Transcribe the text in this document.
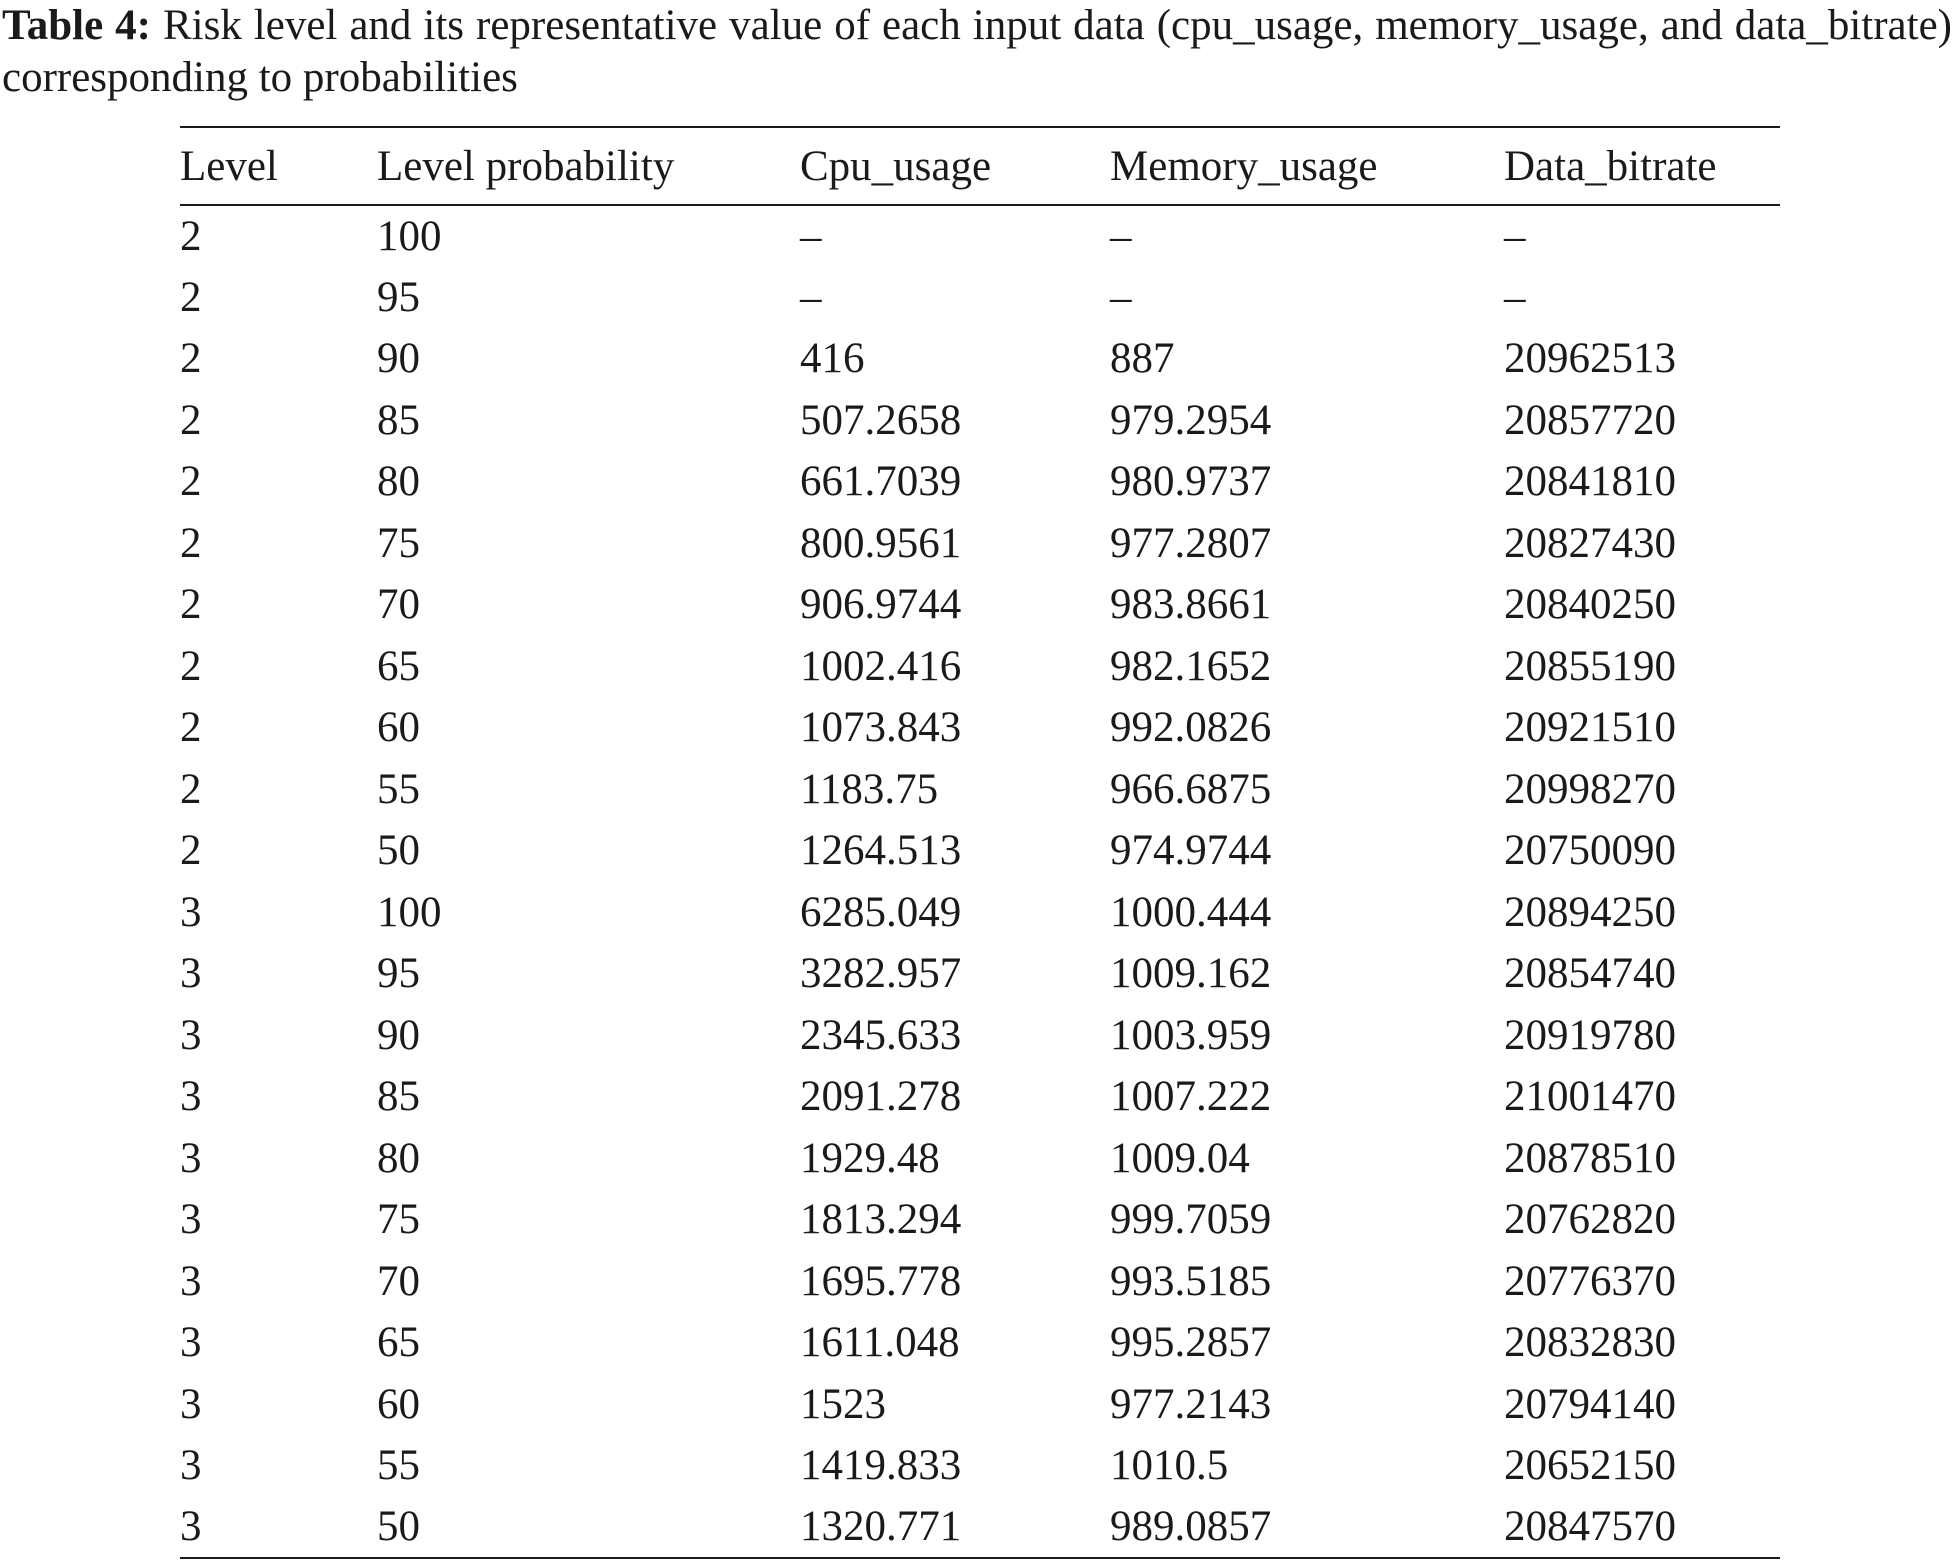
Table 4: Risk level and its representative value of each input data (cpu_usage, memory_usage, and data_bitrate) corresponding to probabilities
Level	Level probability	Cpu_usage	Memory_usage	Data_bitrate
2	100	–	–	–
2	95	–	–	–
2	90	416	887	20962513
2	85	507.2658	979.2954	20857720
2	80	661.7039	980.9737	20841810
2	75	800.9561	977.2807	20827430
2	70	906.9744	983.8661	20840250
2	65	1002.416	982.1652	20855190
2	60	1073.843	992.0826	20921510
2	55	1183.75	966.6875	20998270
2	50	1264.513	974.9744	20750090
3	100	6285.049	1000.444	20894250
3	95	3282.957	1009.162	20854740
3	90	2345.633	1003.959	20919780
3	85	2091.278	1007.222	21001470
3	80	1929.48	1009.04	20878510
3	75	1813.294	999.7059	20762820
3	70	1695.778	993.5185	20776370
3	65	1611.048	995.2857	20832830
3	60	1523	977.2143	20794140
3	55	1419.833	1010.5	20652150
3	50	1320.771	989.0857	20847570
